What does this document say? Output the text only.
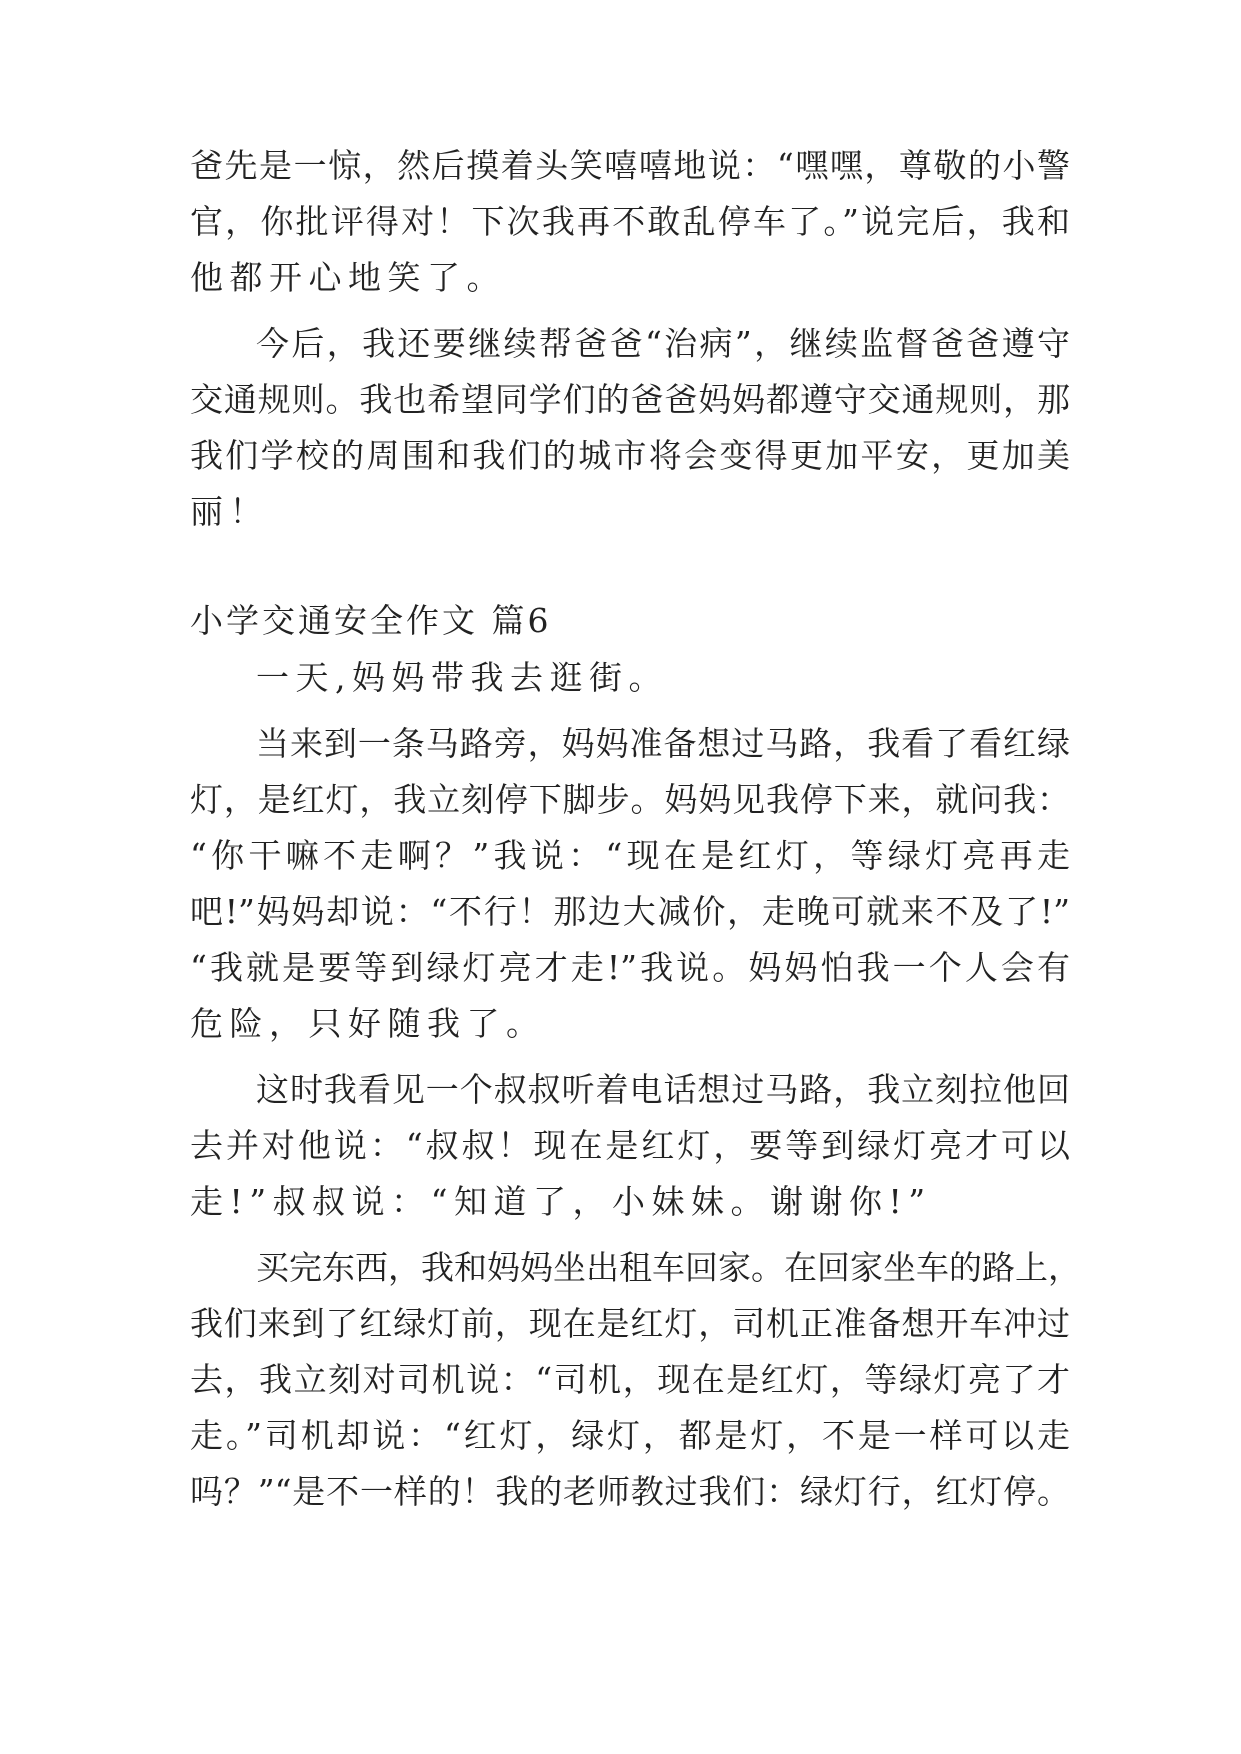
爸先是一惊，然后摸着头笑嘻嘻地说：“嘿嘿，尊敬的小警
官，你批评得对！下次我再不敢乱停车了。”说完后，我和
他都开心地笑了。
今后，我还要继续帮爸爸“治病”，继续监督爸爸遵守
交通规则。我也希望同学们的爸爸妈妈都遵守交通规则，那
我们学校的周围和我们的城市将会变得更加平安，更加美
丽！
小学交通安全作文 篇6
一天,妈妈带我去逛街。
当来到一条马路旁，妈妈准备想过马路，我看了看红绿
灯，是红灯，我立刻停下脚步。妈妈见我停下来，就问我：
“你干嘛不走啊？”我说：“现在是红灯，等绿灯亮再走
吧!”妈妈却说：“不行！那边大减价，走晚可就来不及了!”
“我就是要等到绿灯亮才走!”我说。妈妈怕我一个人会有
危险，只好随我了。
这时我看见一个叔叔听着电话想过马路，我立刻拉他回
去并对他说：“叔叔！现在是红灯，要等到绿灯亮才可以
走!”叔叔说：“知道了，小妹妹。谢谢你!”
买完东西，我和妈妈坐出租车回家。在回家坐车的路上，
我们来到了红绿灯前，现在是红灯，司机正准备想开车冲过
去，我立刻对司机说：“司机，现在是红灯，等绿灯亮了才
走。”司机却说：“红灯，绿灯，都是灯，不是一样可以走
吗？”“是不一样的！我的老师教过我们：绿灯行，红灯停。
